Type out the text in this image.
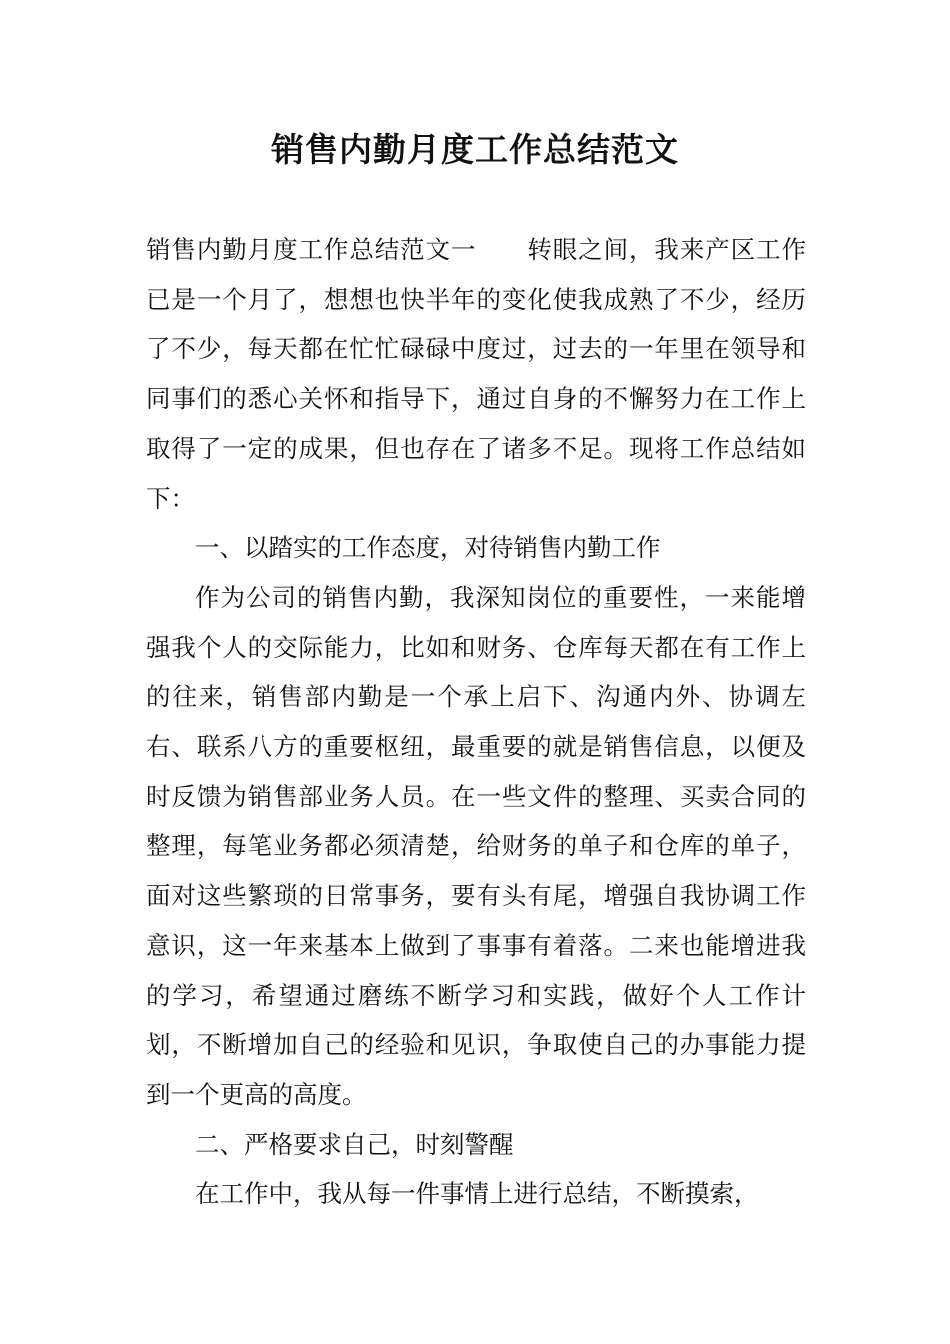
销售内勤月度工作总结范文

销售内勤月度工作总结范文一 转眼之间，我来产区工作已是一个月了，想想也快半年的变化使我成熟了不少，经历了不少，每天都在忙忙碌碌中度过，过去的一年里在领导和同事们的悉心关怀和指导下，通过自身的不懈努力在工作上取得了一定的成果，但也存在了诸多不足。现将工作总结如下：

一、以踏实的工作态度，对待销售内勤工作

作为公司的销售内勤，我深知岗位的重要性，一来能增强我个人的交际能力，比如和财务、仓库每天都在有工作上的往来，销售部内勤是一个承上启下、沟通内外、协调左右、联系八方的重要枢纽，最重要的就是销售信息，以便及时反馈为销售部业务人员。在一些文件的整理、买卖合同的整理，每笔业务都必须清楚，给财务的单子和仓库的单子，面对这些繁琐的日常事务，要有头有尾，增强自我协调工作意识，这一年来基本上做到了事事有着落。二来也能增进我的学习，希望通过磨练不断学习和实践，做好个人工作计划，不断增加自己的经验和见识，争取使自己的办事能力提到一个更高的高度。

二、严格要求自己，时刻警醒

在工作中，我从每一件事情上进行总结，不断摸索，
